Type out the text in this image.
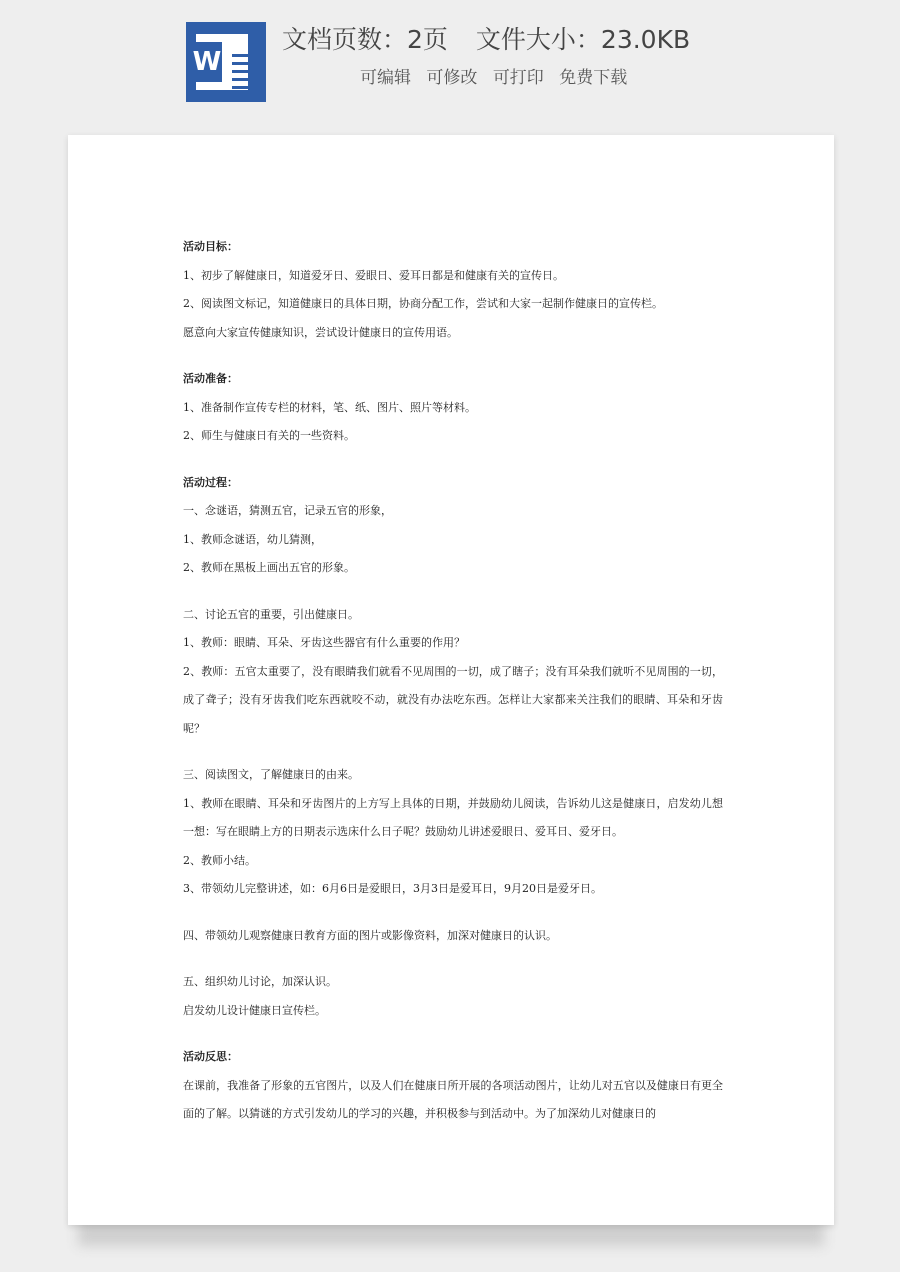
W
文档页数：2页 文件大小：23.0KB
可编辑 可修改 可打印 免费下载

活动目标：

1、初步了解健康日，知道爱牙日、爱眼日、爱耳日都是和健康有关的宣传日。

2、阅读图文标记，知道健康日的具体日期，协商分配工作，尝试和大家一起制作健康日的宣传栏。

愿意向大家宣传健康知识，尝试设计健康日的宣传用语。

活动准备：

1、准备制作宣传专栏的材料，笔、纸、图片、照片等材料。

2、师生与健康日有关的一些资料。

活动过程：

一、念谜语，猜测五官，记录五官的形象，

1、教师念谜语，幼儿猜测，

2、教师在黑板上画出五官的形象。

二、讨论五官的重要，引出健康日。

1、教师：眼睛、耳朵、牙齿这些器官有什么重要的作用？

2、教师：五官太重要了，没有眼睛我们就看不见周围的一切，成了瞎子；没有耳朵我们就听不见周围的一切，成了聋子；没有牙齿我们吃东西就咬不动，就没有办法吃东西。怎样让大家都来关注我们的眼睛、耳朵和牙齿呢？

三、阅读图文，了解健康日的由来。

1、教师在眼睛、耳朵和牙齿图片的上方写上具体的日期，并鼓励幼儿阅读，告诉幼儿这是健康日，启发幼儿想一想：写在眼睛上方的日期表示选床什么日子呢？鼓励幼儿讲述爱眼日、爱耳日、爱牙日。

2、教师小结。

3、带领幼儿完整讲述，如：6月6日是爱眼日，3月3日是爱耳日，9月20日是爱牙日。

四、带领幼儿观察健康日教育方面的图片或影像资料，加深对健康日的认识。

五、组织幼儿讨论，加深认识。

启发幼儿设计健康日宣传栏。

活动反思：

在课前，我准备了形象的五官图片，以及人们在健康日所开展的各项活动图片，让幼儿对五官以及健康日有更全面的了解。以猜谜的方式引发幼儿的学习的兴趣，并积极参与到活动中。为了加深幼儿对健康日的
